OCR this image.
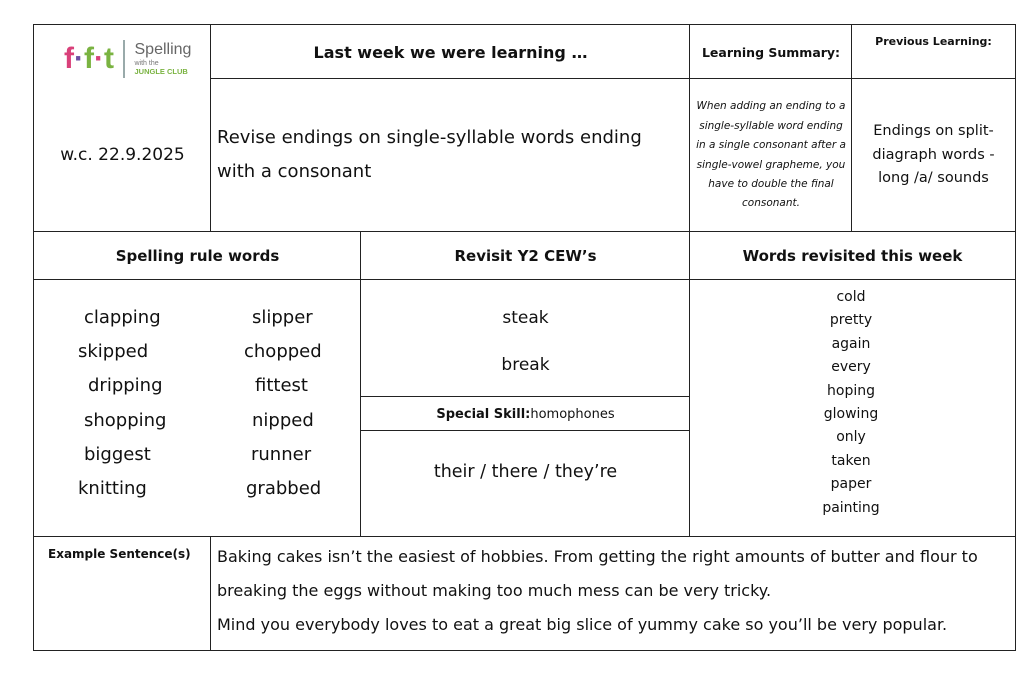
f · f · t Spelling
with the
JUNGLE CLUB
w.c. 22.9.2025
Last week we were learning …
Revise endings on single-syllable words ending with a consonant
Learning Summary:
When adding an ending to a single-syllable word ending in a single consonant after a single-vowel grapheme, you have to double the final consonant.
Previous Learning:
Endings on split-diagraph words - long /a/ sounds
Spelling rule words	Revisit Y2 CEW’s	Words revisited this week
clapping
skipped
dripping
shopping
biggest
knitting
slipper
chopped
fittest
nipped
runner
grabbed
steak
break
Special Skill: homophones
their / there / they’re
cold
pretty
again
every
hoping
glowing
only
taken
paper
painting
Example Sentence(s) Baking cakes isn’t the easiest of hobbies. From getting the right amounts of butter and flour to
breaking the eggs without making too much mess can be very tricky.
Mind you everybody loves to eat a great big slice of yummy cake so you’ll be very popular.
